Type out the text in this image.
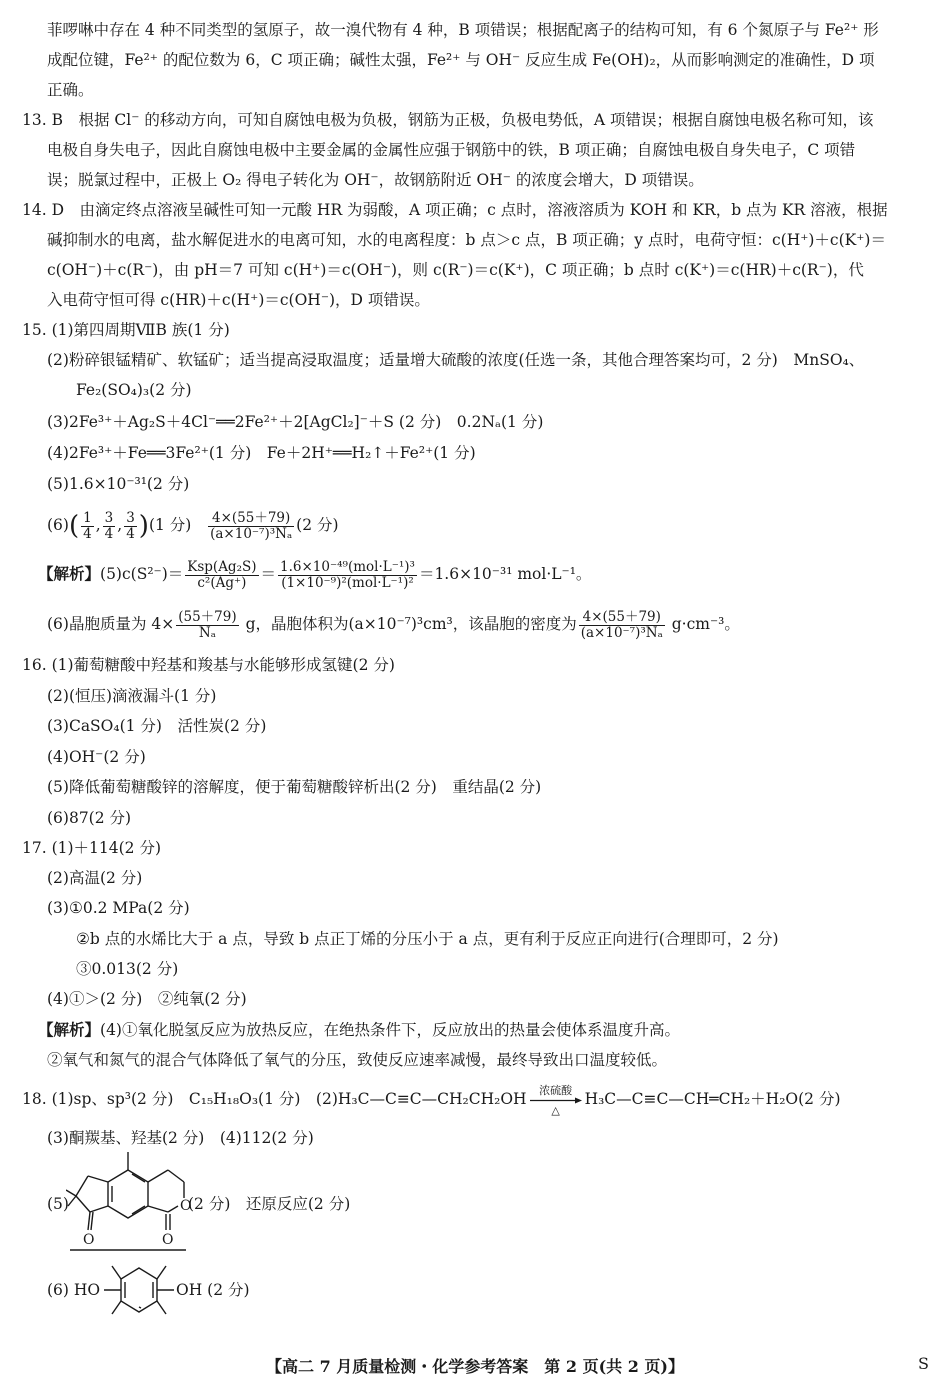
菲啰啉中存在 4 种不同类型的氢原子，故一溴代物有 4 种，B 项错误；根据配离子的结构可知，有 6 个氮原子与 Fe²⁺ 形
成配位键，Fe²⁺ 的配位数为 6，C 项正确；碱性太强，Fe²⁺ 与 OH⁻ 反应生成 Fe(OH)₂，从而影响测定的准确性，D 项
正确。
13. B　根据 Cl⁻ 的移动方向，可知自腐蚀电极为负极，钢筋为正极，负极电势低，A 项错误；根据自腐蚀电极名称可知，该
电极自身失电子，因此自腐蚀电极中主要金属的金属性应强于钢筋中的铁，B 项正确；自腐蚀电极自身失电子，C 项错
误；脱氯过程中，正极上 O₂ 得电子转化为 OH⁻，故钢筋附近 OH⁻ 的浓度会增大，D 项错误。
14. D　由滴定终点溶液呈碱性可知一元酸 HR 为弱酸，A 项正确；c 点时，溶液溶质为 KOH 和 KR，b 点为 KR 溶液，根据
碱抑制水的电离，盐水解促进水的电离可知，水的电离程度：b 点＞c 点，B 项正确；y 点时，电荷守恒：c(H⁺)＋c(K⁺)＝
c(OH⁻)＋c(R⁻)，由 pH＝7 可知 c(H⁺)＝c(OH⁻)，则 c(R⁻)＝c(K⁺)，C 项正确；b 点时 c(K⁺)＝c(HR)＋c(R⁻)，代
入电荷守恒可得 c(HR)＋c(H⁺)＝c(OH⁻)，D 项错误。
15. (1)第四周期ⅦB 族(1 分)
(2)粉碎银锰精矿、软锰矿；适当提高浸取温度；适量增大硫酸的浓度(任选一条，其他合理答案均可，2 分)　MnSO₄、
Fe₂(SO₄)₃(2 分)
(3)2Fe³⁺＋Ag₂S＋4Cl⁻══2Fe²⁺＋2[AgCl₂]⁻＋S (2 分)　0.2Nₐ(1 分)
(4)2Fe³⁺＋Fe══3Fe²⁺(1 分)　Fe＋2H⁺══H₂↑＋Fe²⁺(1 分)
(5)1.6×10⁻³¹(2 分)
$(6)( \frac{1}{4}$ , $\frac{3}{4}$ , $\frac{3}{4} )(1$ 分) $\frac{4\times(55+79)}{\text{(a×10⁻⁷)³Nₐ}} (2$ 分)
【解析】$(5)c(S^{2-})= \frac{\text{Ksp(Ag₂S)}}{\text{c²(Ag⁺)}} = \frac{\text{1.6×10⁻⁴⁹(mol·L⁻¹)³}}{\text{(1×10⁻⁹)²(mol·L⁻¹)²}} =1.6\times 10^{-31}$ mol·L⁻¹。
(6)晶胞质量为 $4\times \frac{(55+79)}{\text{Nₐ}}$ g，晶胞体积为(a×10⁻⁷)³cm³，该晶胞的密度为 $\frac{4\times(55+79)}{\text{(a×10⁻⁷)³Nₐ}} g\cdot cm^{-3}$。
16. (1)葡萄糖酸中羟基和羧基与水能够形成氢键(2 分)
(2)(恒压)滴液漏斗(1 分)
(3)CaSO₄(1 分)　活性炭(2 分)
(4)OH⁻(2 分)
(5)降低葡萄糖酸锌的溶解度，便于葡萄糖酸锌析出(2 分)　重结晶(2 分)
(6)87(2 分)
17. (1)＋114(2 分)
(2)高温(2 分)
(3)①0.2 MPa(2 分)
②b 点的水烯比大于 a 点，导致 b 点正丁烯的分压小于 a 点，更有利于反应正向进行(合理即可，2 分)
③0.013(2 分)
(4)①＞(2 分)　②纯氧(2 分)
【解析】(4)①氧化脱氢反应为放热反应，在绝热条件下，反应放出的热量会使体系温度升高。
②氧气和氮气的混合气体降低了氧气的分压，致使反应速率减慢，最终导致出口温度较低。
18. (1)sp、sp³(2 分)　C₁₅H₁₈O₃(1 分)　(2)H₃C—C≡C—CH₂CH₂OH 浓硫酸
△H₃C—C≡C—CH═CH₂＋H₂O(2 分)
(3)酮羰基、羟基(2 分)　(4)112(2 分)
(5)	O
O	O
(2 分)　还原反应(2 分)
(6) HO	OH (2 分)
【高二 7 月质量检测・化学参考答案　第 2 页(共 2 页)】	S
